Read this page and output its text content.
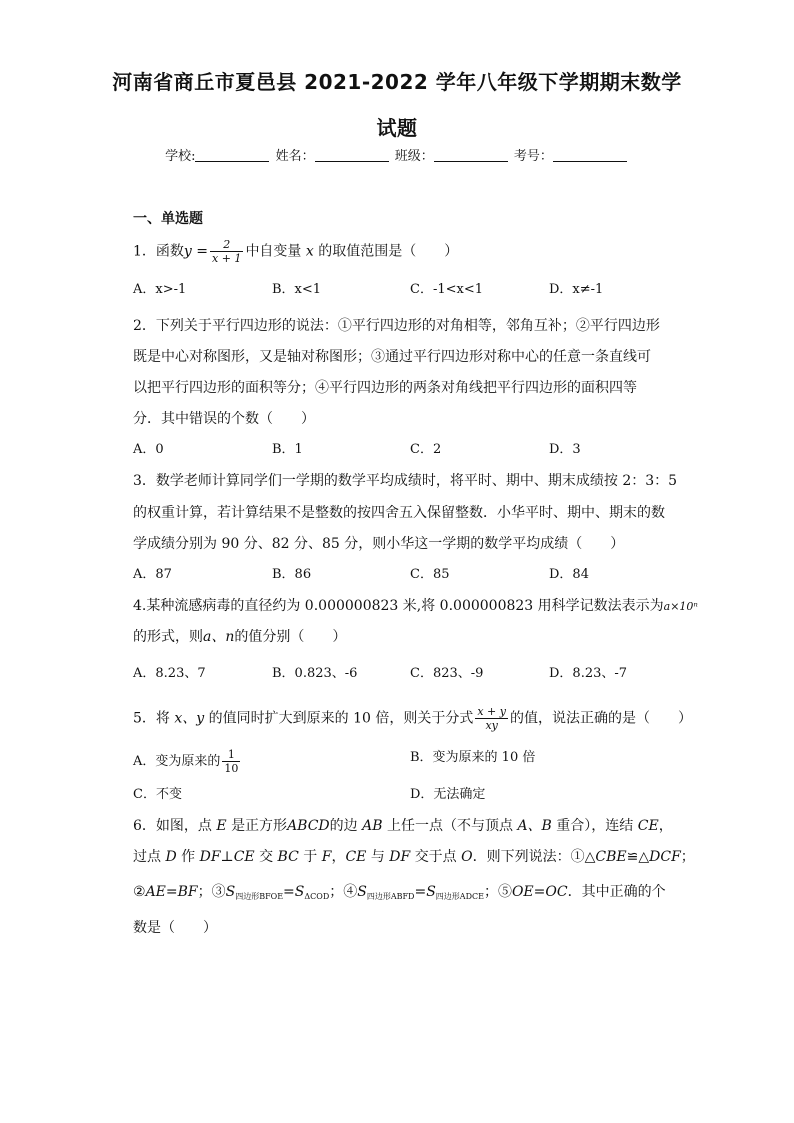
河南省商丘市夏邑县 2021-2022 学年八年级下学期期末数学
试题
学校:	姓名：	班级：	考号：
一、单选题
1．函数$y = \frac{2}{x + 1}$ 中自变量 x 的取值范围是（　　）
A．x>-1	B．x<1	C．-1<x<1	D．x≠-1
2．下列关于平行四边形的说法：①平行四边形的对角相等，邻角互补；②平行四边形
既是中心对称图形，又是轴对称图形；③通过平行四边形对称中心的任意一条直线可
以把平行四边形的面积等分；④平行四边形的两条对角线把平行四边形的面积四等
分．其中错误的个数（　　）
A．0	B．1	C．2	D．3
3．数学老师计算同学们一学期的数学平均成绩时，将平时、期中、期末成绩按 2：3：5
的权重计算，若计算结果不是整数的按四舍五入保留整数．小华平时、期中、期末的数
学成绩分别为 90 分、82 分、85 分，则小华这一学期的数学平均成绩（　　）
A．87	B．86	C．85	D．84
4.某种流感病毒的直径约为 0.000000823 米,将 0.000000823 用科学记数法表示为a×10ⁿ
的形式，则a、n的值分别（　　）
A．8.23、7	B．0.823、-6	C．823、-9	D．8.23、-7
5．将 x、y 的值同时扩大到原来的 10 倍，则关于分式 $\frac{x + y}{xy}$ 的值，说法正确的是（　　）
A．变为原来的 $\frac{1}{10}$	B．变为原来的 10 倍
C．不变	D．无法确定
6．如图，点 E 是正方形ABCD的边 AB 上任一点（不与顶点 A、B 重合），连结 CE，
过点 D 作 DF⊥CE 交 BC 于 F，CE 与 DF 交于点 O．则下列说法：①△CBE≌△DCF；
②AE=BF；$③S_{四边形BFOE}=S_{\Delta COD}$；$④S_{四边形ABFD}=S_{四边形ADCE}$；⑤OE=OC．其中正确的个
数是（　　）
